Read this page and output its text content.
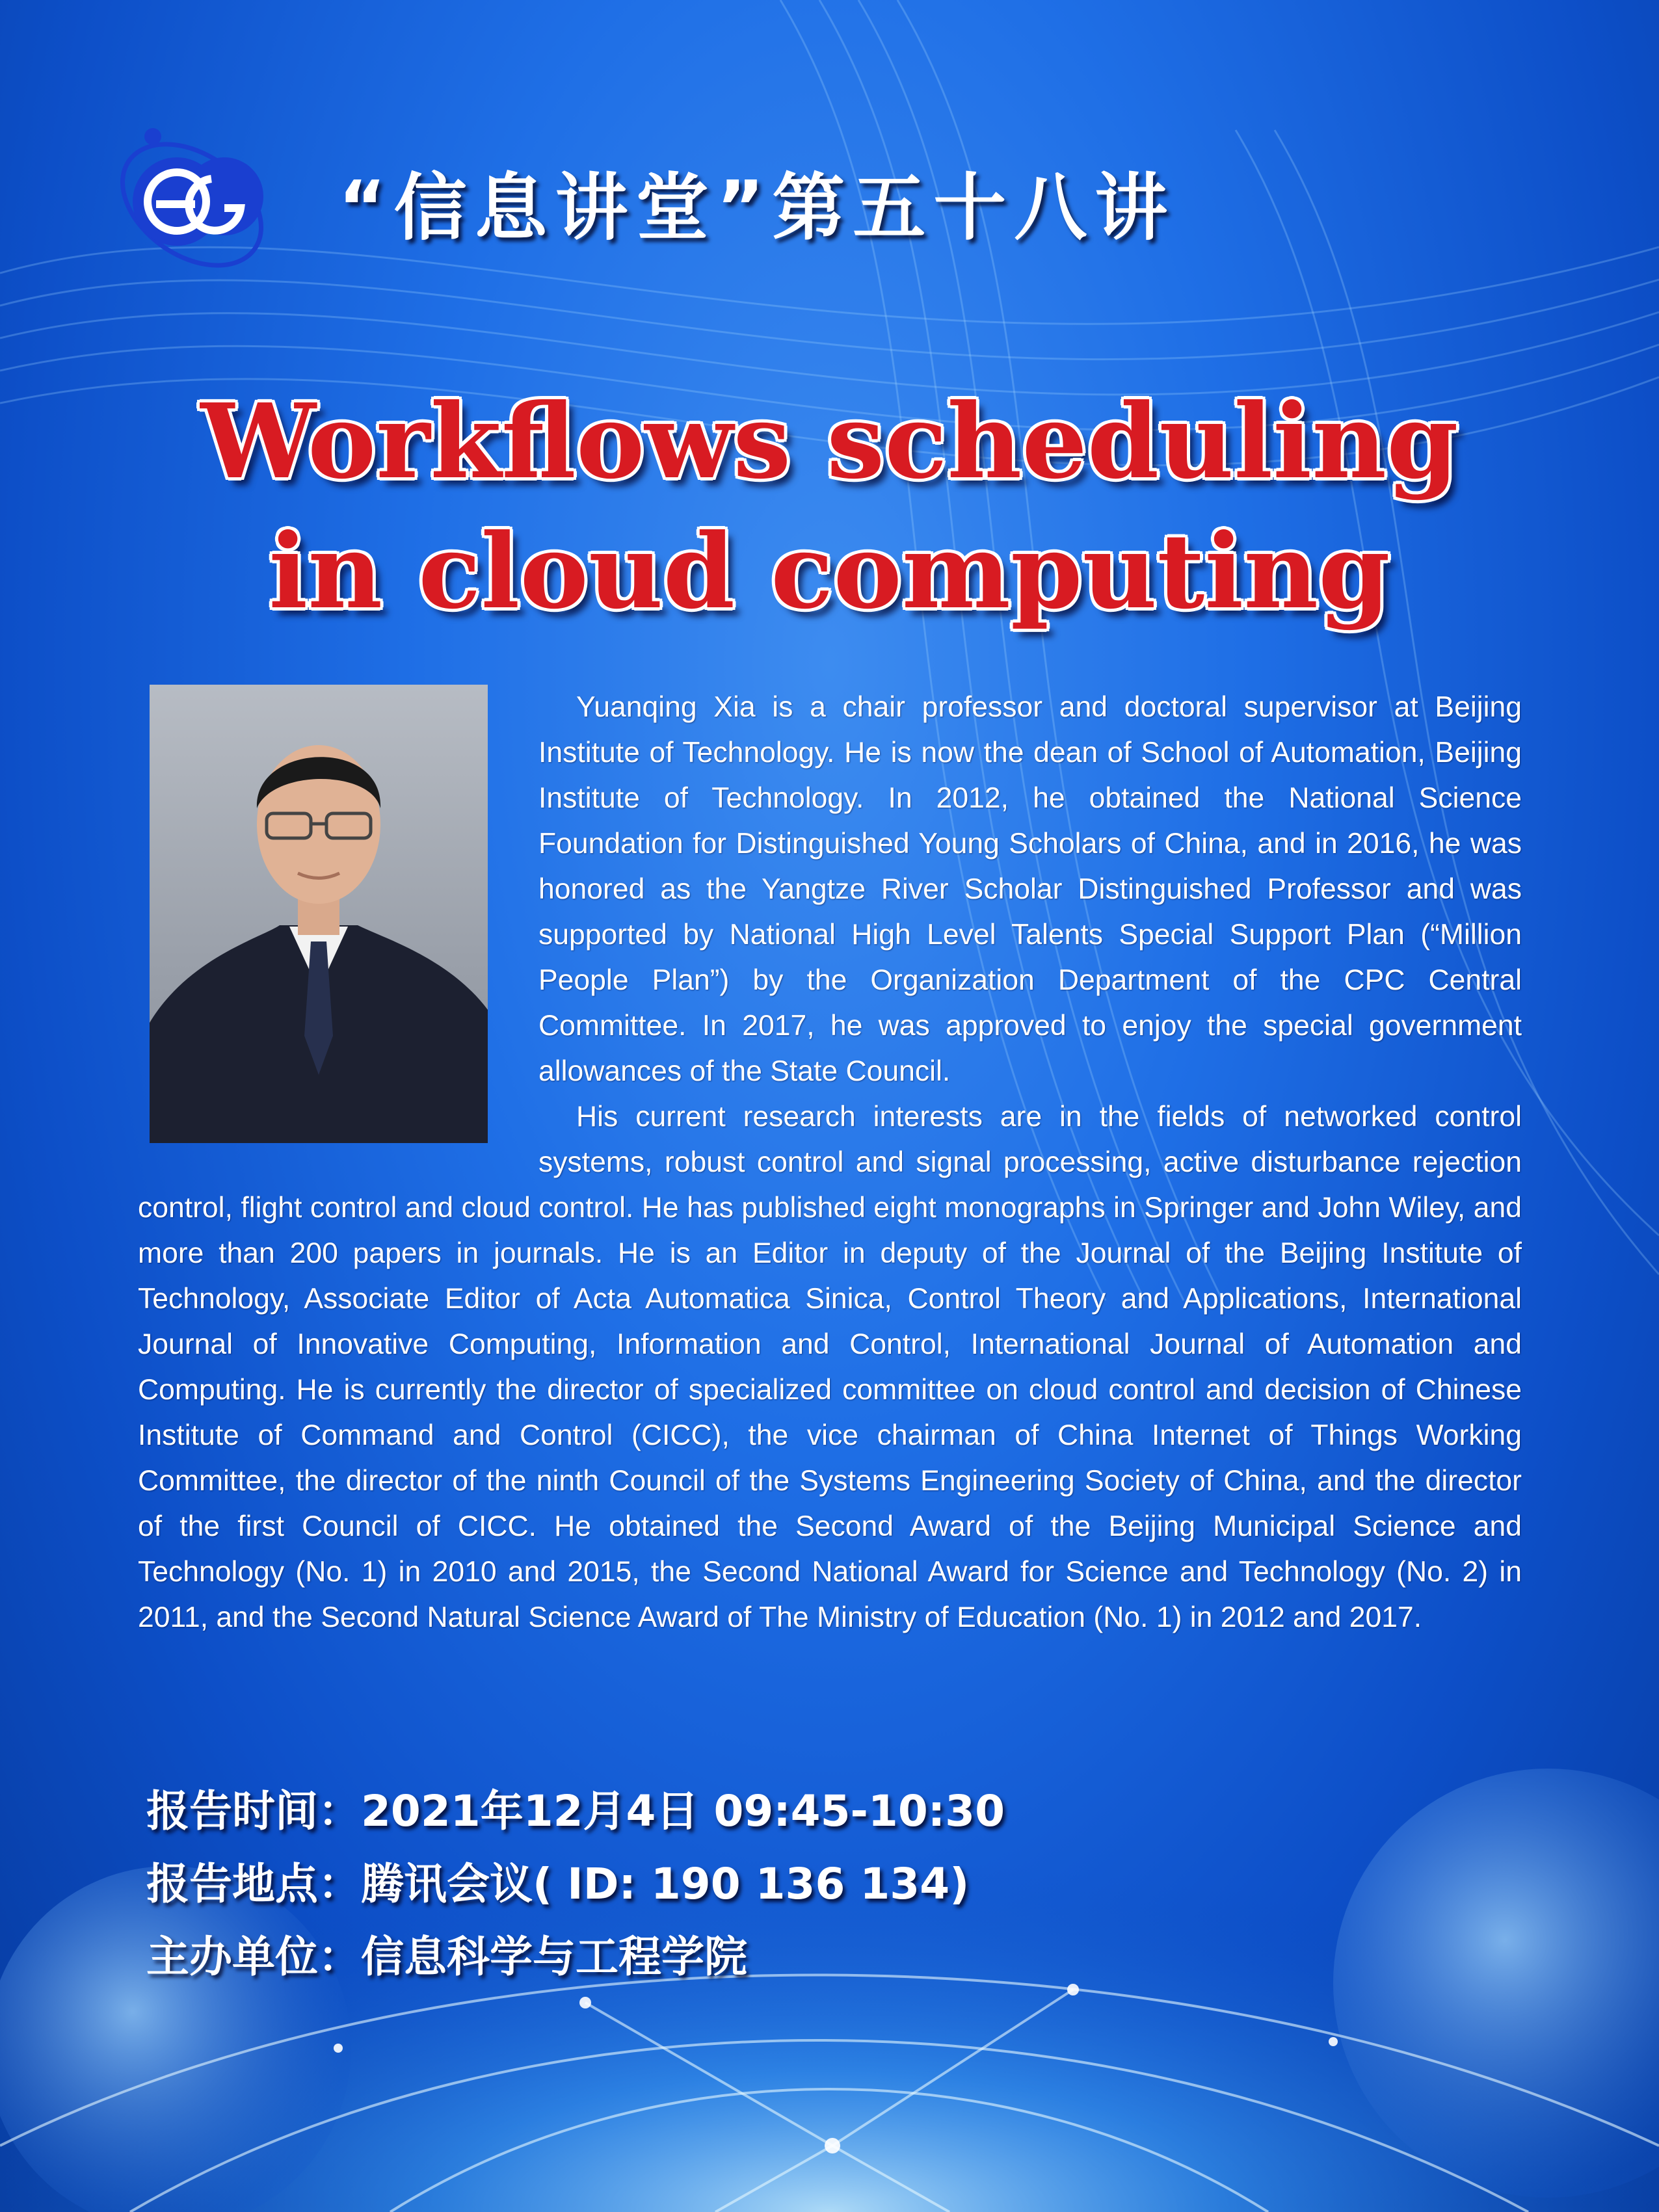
“信息讲堂”第五十八讲
Workflows scheduling
in cloud computing

Yuanqing Xia is a chair professor and doctoral supervisor at Beijing Institute of Technology. He is now the dean of School of Automation, Beijing Institute of Technology. In 2012, he obtained the National Science Foundation for Distinguished Young Scholars of China, and in 2016, he was honored as the Yangtze River Scholar Distinguished Professor and was supported by National High Level Talents Special Support Plan (“Million People Plan”) by the Organization Department of the CPC Central Committee. In 2017, he was approved to enjoy the special government allowances of the State Council.

His current research interests are in the fields of networked control systems, robust control and signal processing, active disturbance rejection control, flight control and cloud control. He has published eight monographs in Springer and John Wiley, and more than 200 papers in journals. He is an Editor in deputy of the Journal of the Beijing Institute of Technology, Associate Editor of Acta Automatica Sinica, Control Theory and Applications, International Journal of Innovative Computing, Information and Control, International Journal of Automation and Computing. He is currently the director of specialized committee on cloud control and decision of Chinese Institute of Command and Control (CICC), the vice chairman of China Internet of Things Working Committee, the director of the ninth Council of the Systems Engineering Society of China, and the director of the first Council of CICC. He obtained the Second Award of the Beijing Municipal Science and Technology (No. 1) in 2010 and 2015, the Second National Award for Science and Technology (No. 2) in 2011, and the Second Natural Science Award of The Ministry of Education (No. 1) in 2012 and 2017.

报告时间：2021年12月4日 09:45-10:30
报告地点：腾讯会议( ID: 190 136 134)
主办单位：信息科学与工程学院
